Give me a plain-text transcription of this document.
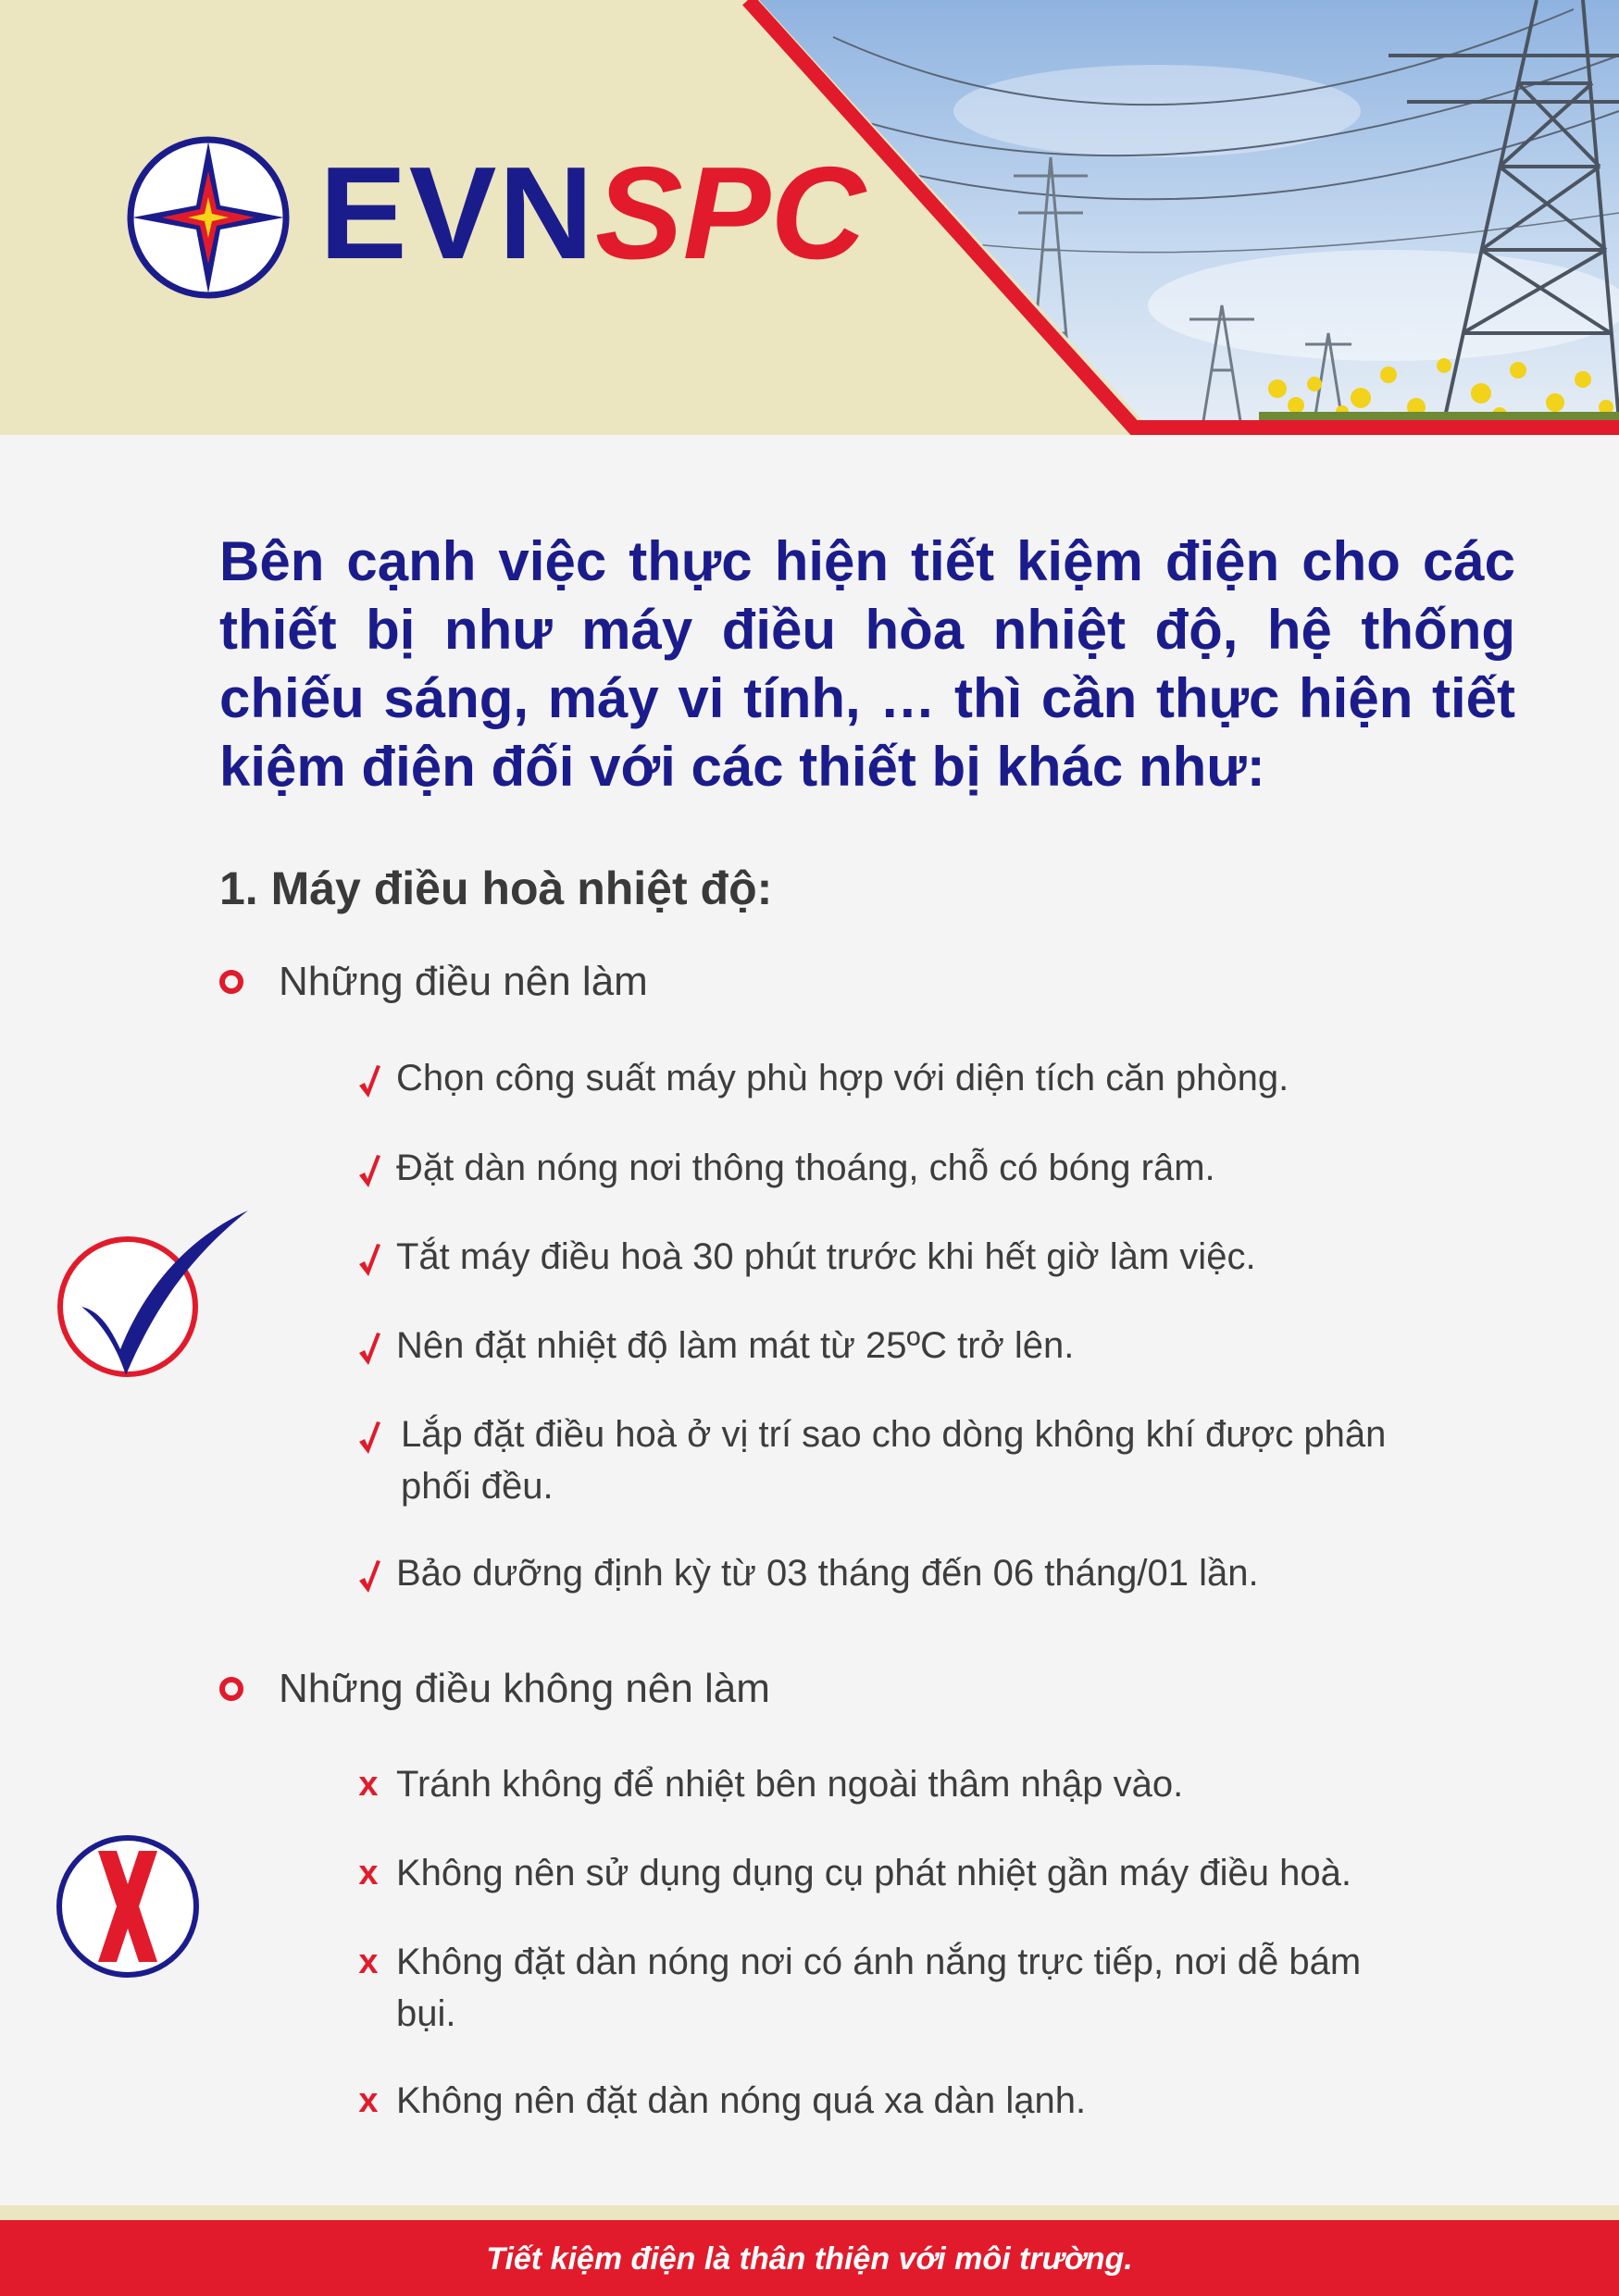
EVNSPC

Bên cạnh việc thực hiện tiết kiệm điện cho các thiết bị như máy điều hòa nhiệt độ, hệ thống chiếu sáng, máy vi tính, … thì cần thực hiện tiết kiệm điện đối với các thiết bị khác như:

1. Máy điều hoà nhiệt độ:
Những điều nên làm
Chọn công suất máy phù hợp với diện tích căn phòng.
Đặt dàn nóng nơi thông thoáng, chỗ có bóng râm.
Tắt máy điều hoà 30 phút trước khi hết giờ làm việc.
Nên đặt nhiệt độ làm mát từ 25ºC trở lên.
Lắp đặt điều hoà ở vị trí sao cho dòng không khí được phân phối đều.
Bảo dưỡng định kỳ từ 03 tháng đến 06 tháng/01 lần.
Những điều không nên làm
x Tránh không để nhiệt bên ngoài thâm nhập vào.
x Không nên sử dụng dụng cụ phát nhiệt gần máy điều hoà.
x Không đặt dàn nóng nơi có ánh nắng trực tiếp, nơi dễ bám bụi.
x Không nên đặt dàn nóng quá xa dàn lạnh.
Tiết kiệm điện là thân thiện với môi trường.
